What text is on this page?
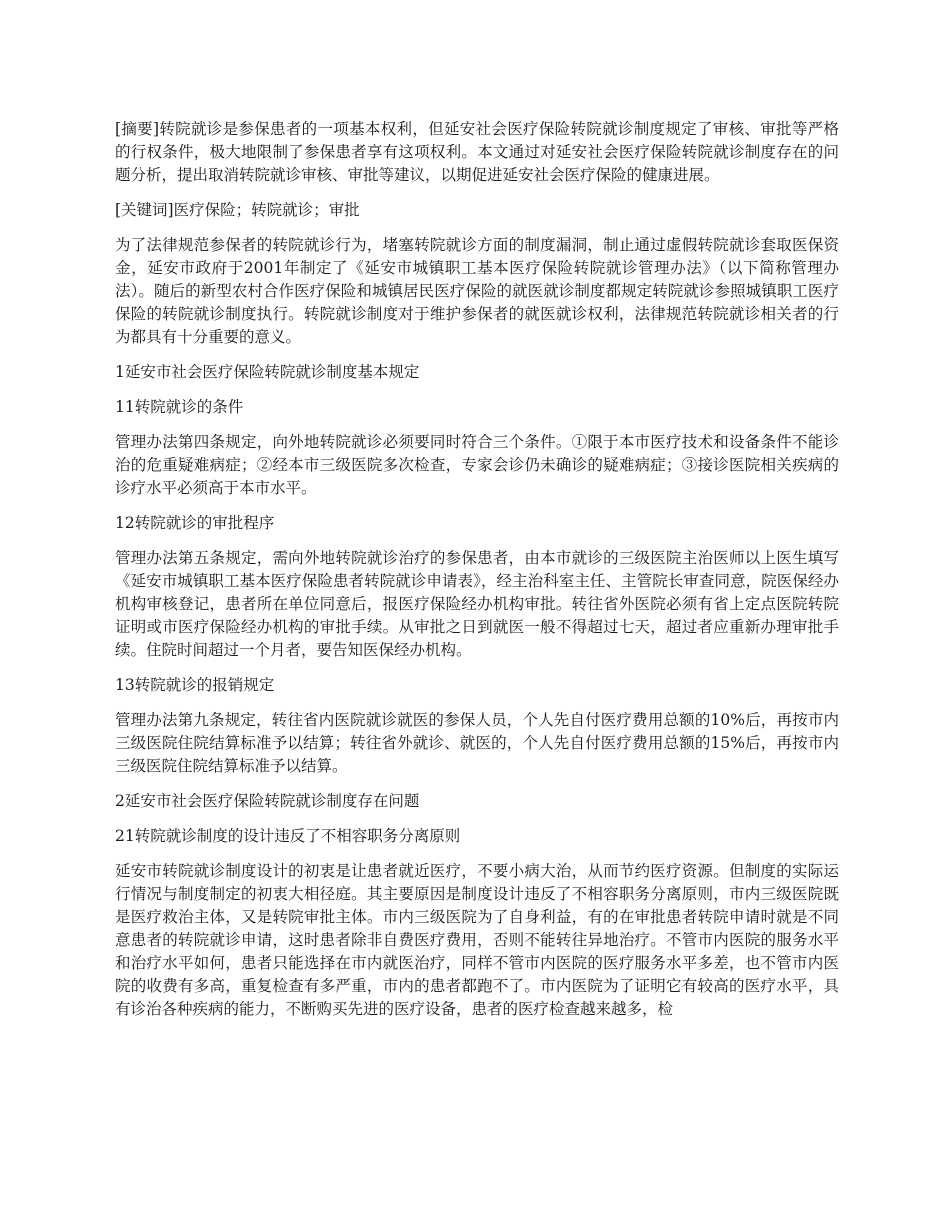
[摘要]转院就诊是参保患者的一项基本权利，但延安社会医疗保险转院就诊制度规定了审核、审批等严格的行权条件，极大地限制了参保患者享有这项权利。本文通过对延安社会医疗保险转院就诊制度存在的问题分析，提出取消转院就诊审核、审批等建议，以期促进延安社会医疗保险的健康进展。

[关键词]医疗保险；转院就诊；审批

为了法律规范参保者的转院就诊行为，堵塞转院就诊方面的制度漏洞，制止通过虚假转院就诊套取医保资金，延安市政府于2001年制定了《延安市城镇职工基本医疗保险转院就诊管理办法》（以下简称管理办法）。随后的新型农村合作医疗保险和城镇居民医疗保险的就医就诊制度都规定转院就诊参照城镇职工医疗保险的转院就诊制度执行。转院就诊制度对于维护参保者的就医就诊权利，法律规范转院就诊相关者的行为都具有十分重要的意义。

1延安市社会医疗保险转院就诊制度基本规定

11转院就诊的条件

管理办法第四条规定，向外地转院就诊必须要同时符合三个条件。①限于本市医疗技术和设备条件不能诊治的危重疑难病症；②经本市三级医院多次检查，专家会诊仍未确诊的疑难病症；③接诊医院相关疾病的诊疗水平必须高于本市水平。

12转院就诊的审批程序

管理办法第五条规定，需向外地转院就诊治疗的参保患者，由本市就诊的三级医院主治医师以上医生填写《延安市城镇职工基本医疗保险患者转院就诊申请表》，经主治科室主任、主管院长审查同意，院医保经办机构审核登记，患者所在单位同意后，报医疗保险经办机构审批。转往省外医院必须有省上定点医院转院证明或市医疗保险经办机构的审批手续。从审批之日到就医一般不得超过七天，超过者应重新办理审批手续。住院时间超过一个月者，要告知医保经办机构。

13转院就诊的报销规定

管理办法第九条规定，转往省内医院就诊就医的参保人员，个人先自付医疗费用总额的10%后，再按市内三级医院住院结算标准予以结算；转往省外就诊、就医的，个人先自付医疗费用总额的15%后，再按市内三级医院住院结算标准予以结算。

2延安市社会医疗保险转院就诊制度存在问题

21转院就诊制度的设计违反了不相容职务分离原则

延安市转院就诊制度设计的初衷是让患者就近医疗，不要小病大治，从而节约医疗资源。但制度的实际运行情况与制度制定的初衷大相径庭。其主要原因是制度设计违反了不相容职务分离原则，市内三级医院既是医疗救治主体，又是转院审批主体。市内三级医院为了自身利益，有的在审批患者转院申请时就是不同意患者的转院就诊申请，这时患者除非自费医疗费用，否则不能转往异地治疗。不管市内医院的服务水平和治疗水平如何，患者只能选择在市内就医治疗，同样不管市内医院的医疗服务水平多差，也不管市内医院的收费有多高，重复检查有多严重，市内的患者都跑不了。市内医院为了证明它有较高的医疗水平，具有诊治各种疾病的能力，不断购买先进的医疗设备，患者的医疗检查越来越多，检
